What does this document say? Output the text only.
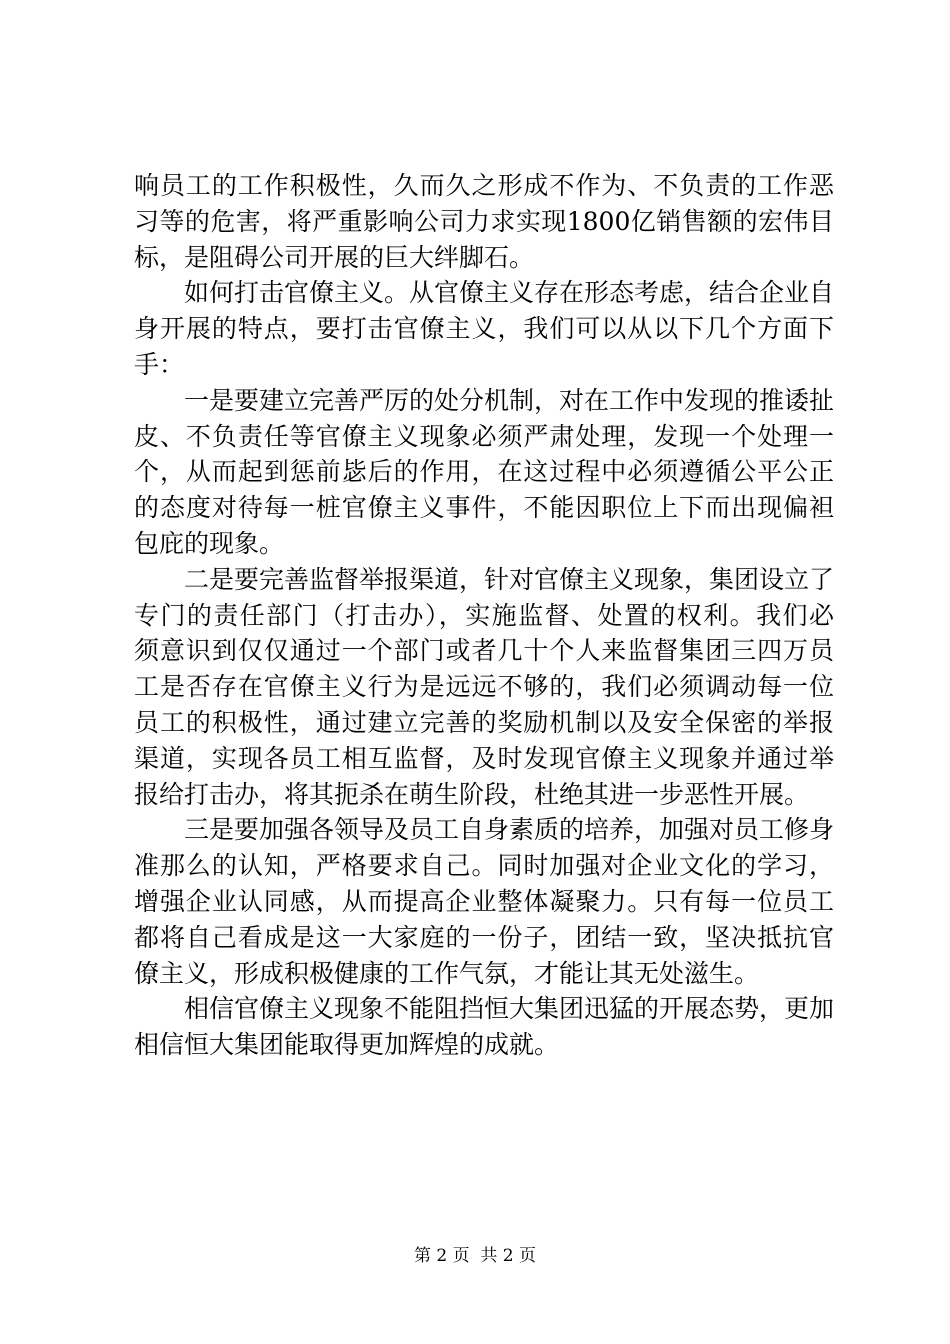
响员工的工作积极性，久而久之形成不作为、不负责的工作恶
习等的危害，将严重影响公司力求实现1800亿销售额的宏伟目
标，是阻碍公司开展的巨大绊脚石。
　　如何打击官僚主义。从官僚主义存在形态考虑，结合企业自
身开展的特点，要打击官僚主义，我们可以从以下几个方面下
手：
　　一是要建立完善严厉的处分机制，对在工作中发现的推诿扯
皮、不负责任等官僚主义现象必须严肃处理，发现一个处理一
个，从而起到惩前毖后的作用，在这过程中必须遵循公平公正
的态度对待每一桩官僚主义事件，不能因职位上下而出现偏袒
包庇的现象。
　　二是要完善监督举报渠道，针对官僚主义现象，集团设立了
专门的责任部门（打击办），实施监督、处置的权利。我们必
须意识到仅仅通过一个部门或者几十个人来监督集团三四万员
工是否存在官僚主义行为是远远不够的，我们必须调动每一位
员工的积极性，通过建立完善的奖励机制以及安全保密的举报
渠道，实现各员工相互监督，及时发现官僚主义现象并通过举
报给打击办，将其扼杀在萌生阶段，杜绝其进一步恶性开展。
　　三是要加强各领导及员工自身素质的培养，加强对员工修身
准那么的认知，严格要求自己。同时加强对企业文化的学习，
增强企业认同感，从而提高企业整体凝聚力。只有每一位员工
都将自己看成是这一大家庭的一份子，团结一致，坚决抵抗官
僚主义，形成积极健康的工作气氛，才能让其无处滋生。
　　相信官僚主义现象不能阻挡恒大集团迅猛的开展态势，更加
相信恒大集团能取得更加辉煌的成就。
第 2 页  共 2 页
